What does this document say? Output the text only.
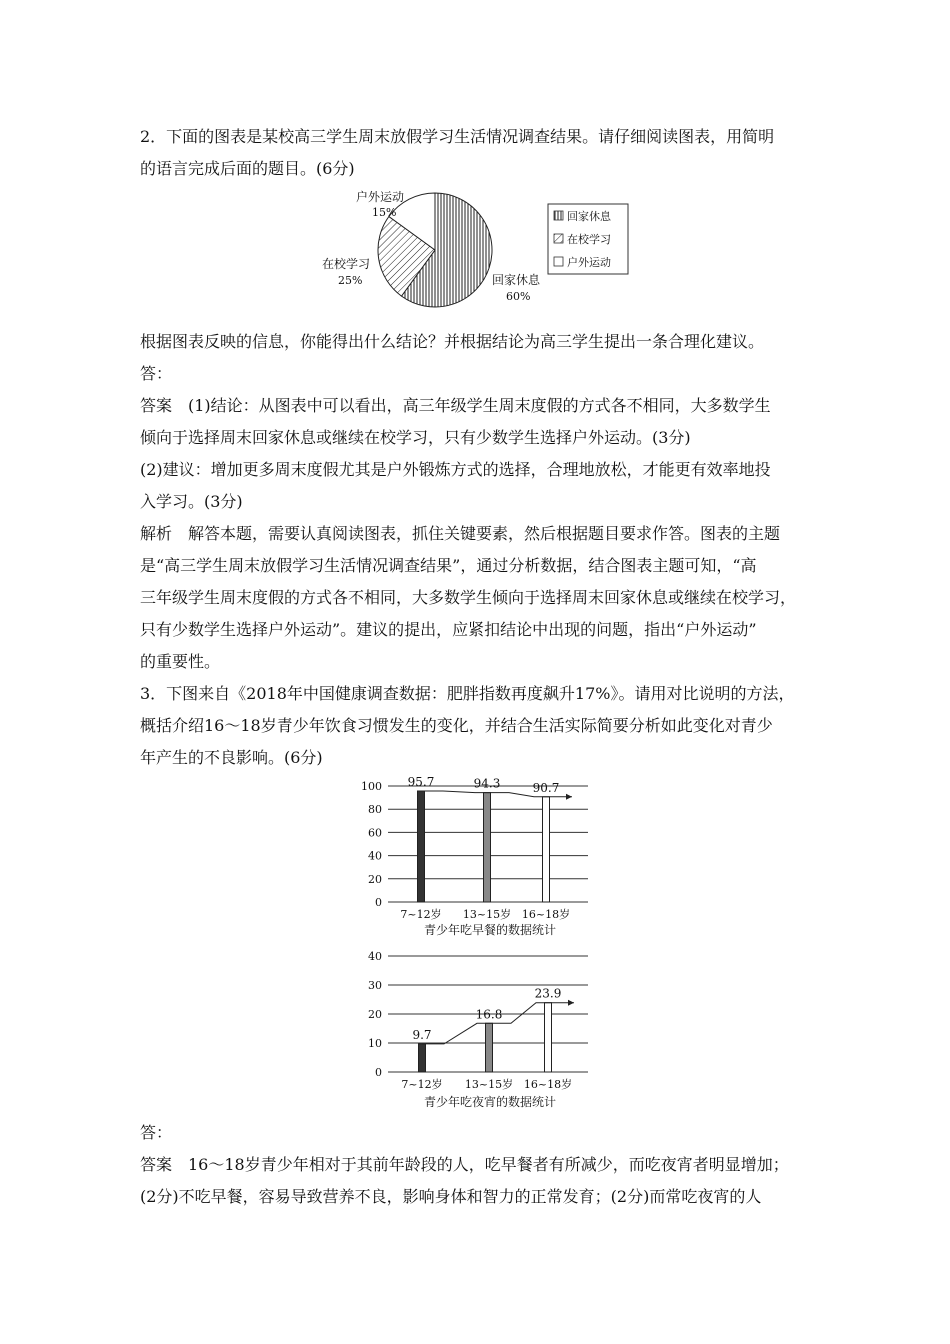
2．下面的图表是某校高三学生周末放假学习生活情况调查结果。请仔细阅读图表，用简明
的语言完成后面的题目。(6分)
户外运动
15%
在校学习
25%	回家休息
60%
回家休息
在校学习
户外运动
根据图表反映的信息，你能得出什么结论？并根据结论为高三学生提出一条合理化建议。
答：
答案　(1)结论：从图表中可以看出，高三年级学生周末度假的方式各不相同，大多数学生
倾向于选择周末回家休息或继续在校学习，只有少数学生选择户外运动。(3分)
(2)建议：增加更多周末度假尤其是户外锻炼方式的选择，合理地放松，才能更有效率地投
入学习。(3分)
解析　解答本题，需要认真阅读图表，抓住关键要素，然后根据题目要求作答。图表的主题
是“高三学生周末放假学习生活情况调查结果”，通过分析数据，结合图表主题可知，“高
三年级学生周末度假的方式各不相同，大多数学生倾向于选择周末回家休息或继续在校学习，
只有少数学生选择户外运动”。建议的提出，应紧扣结论中出现的问题，指出“户外运动”
的重要性。
3．下图来自《2018年中国健康调查数据：肥胖指数再度飙升17%》。请用对比说明的方法，
概括介绍16～18岁青少年饮食习惯发生的变化，并结合生活实际简要分析如此变化对青少
年产生的不良影响。(6分)
0
20
40
60
80
100 95.7
7~12岁
94.3
13~15岁
90.7
16~18岁
青少年吃早餐的数据统计
0
10
20
30
40
9.7
7~12岁
16.8
13~15岁
23.9
16~18岁
青少年吃夜宵的数据统计
答：
答案　16～18岁青少年相对于其前年龄段的人，吃早餐者有所减少，而吃夜宵者明显增加；
(2分)不吃早餐，容易导致营养不良，影响身体和智力的正常发育；(2分)而常吃夜宵的人
